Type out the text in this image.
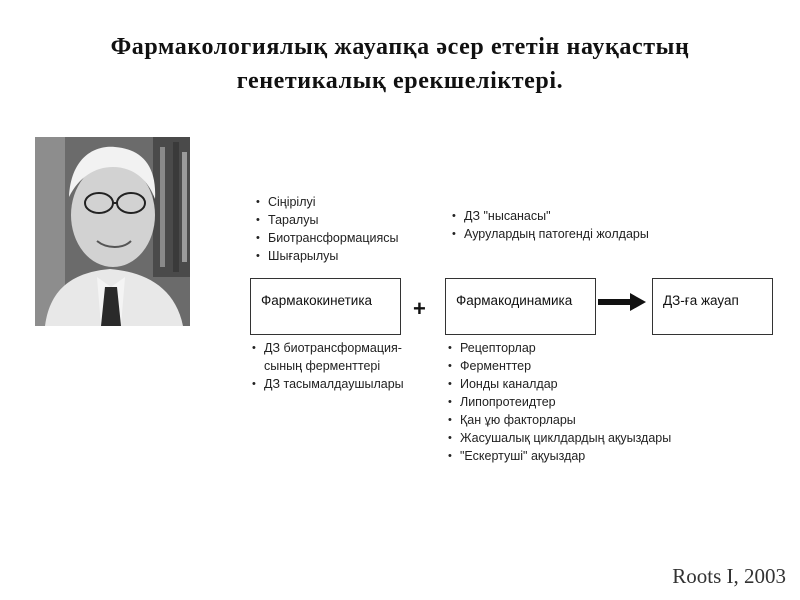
Фармакологиялық жауапқа әсер ететін науқастың
генетикалық ерекшеліктері.
• Сіңірілуі
• Таралуы
• Биотрансформациясы
• Шығарылуы
• ДЗ "нысанасы"
• Аурулардың патогенді жолдары
Фармакокинетика	+	Фармакодинамика	ДЗ-ға жауап
• ДЗ биотрансформация-
сының ферменттері
• ДЗ тасымалдаушылары
• Рецепторлар
• Ферменттер
• Ионды каналдар
• Липопротеидтер
• Қан ұю факторлары
• Жасушалық циклдардың ақуыздары
• "Ескертуші" ақуыздар
Roots I, 2003
